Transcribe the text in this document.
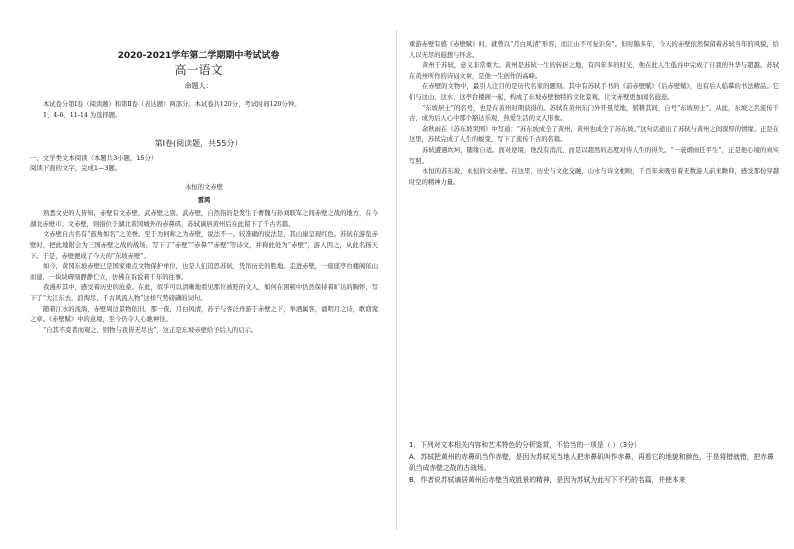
2020-2021学年第二学期期中考试试卷
高一语文
命题人：

本试卷分第Ⅰ卷（阅读题）和第Ⅱ卷（表达题）两部分。本试卷共120分，考试时间120分钟。

1、4-6、11-14 为选择题。

第Ⅰ卷(阅读题，共55分）
一、文学类文本阅读（本题共3小题，15分）
阅读下面的文字，完成1—3题。
永恒的文赤壁
雷鸿

熟悉文史的人皆知，赤壁有文赤壁、武赤壁之别。武赤壁，自然指的是发生于曹魏与孙刘联军之间赤壁之战的地方，在今湖北赤壁市；文赤壁，则指位于湖北黄冈城外的赤鼻矶，苏轼谪居黄州后在此留下了千古名篇。

文赤壁自古名有“鼓角如名”之美誉。至于为何称之为赤壁，说法不一。较准确的说法是，其山崖呈现红色。苏轼在游览赤壁时，把此地附会为三国赤壁之战的战场，写下了“赤壁”“赤鼻”“赤壁”等诗文，并称此处为“赤壁”，游人因之，从此名扬天下。于是，赤壁便成了今天的“东坡赤壁”。

如今，黄冈东坡赤壁已是国家重点文物保护单位，也是人们追思苏轼、凭吊历史的胜地。走进赤壁，一座座亭台楼阁依山而建，一块块碑刻静静伫立，仿佛在诉说着千年的往事。

我漫步其中，感受着历史的沧桑。在此，似乎可以清晰地看见那位被贬的文人，如何在困顿中仍然保持着旷达的胸怀，写下了“大江东去，浪淘尽，千古风流人物”这样气势磅礴的词句。

随着江水的流淌，赤壁周边景物依旧。那一夜，月白风清，苏子与客泛舟游于赤壁之下，举酒属客，诵明月之诗，歌窈窕之章。《赤壁赋》中的意境，至今仍令人心驰神往。

“自其不变者而观之，则物与我皆无尽也”，这正是东坡赤壁给予后人的启示。

重游赤壁有感《赤壁赋》时，就曾以“月白风清”形容，而江山不可复识矣”。但时隔多年，今天的赤壁依然保留着苏轼当年的风貌，给人以无尽的遐想与怀念。

黄州于苏轼，意义非常重大。黄州是苏轼一生的转折之地，有四年多的时光，他在此人生低谷中完成了自我的升华与超越。苏轼在黄州所作的诗词文章，是他一生创作的高峰。

在赤壁的文物中，最引人注目的是历代名家的题刻。其中有苏轼手书的《前赤壁赋》《后赤壁赋》，也有后人临摹的书法精品。它们与这山、这水、这亭台楼阁一起，构成了东坡赤壁独特的文化景观，让文赤壁更加闻名遐迩。

“东坡居士”的名号，也是在黄州时期获得的。苏轼在黄州东门外开垦荒地，躬耕其间，自号“东坡居士”。从此，东坡之名流传千古，成为后人心中那个豁达乐观、热爱生活的文人形象。

余秋雨在《苏东坡突围》中写道：“苏东坡成全了黄州，黄州也成全了苏东坡。”这句话道出了苏轼与黄州之间深厚的情缘。正是在这里，苏轼完成了人生的蜕变，写下了流传千古的名篇。

苏轼遭遇坎坷，随缘自适。面对逆境，他没有消沉，而是以超然的态度对待人生的得失。“一蓑烟雨任平生”，正是他心境的真实写照。

永恒的苏东坡，永恒的文赤壁。在这里，历史与文化交融，山水与诗文相映，千百年来吸引着无数游人前来瞻仰，感受那份穿越时空的精神力量。

1．下列对文本相关内容和艺术特色的分析鉴赏，不恰当的一项是（ ）（3分）
A．苏轼把黄州的赤鼻矶当作赤壁，是因为苏轼见当地人把赤鼻矶叫作赤鼻，再看它的地貌和颜色，于是将错就错，把赤鼻矶当成赤壁之战的古战场。
B．作者说苏轼谪居黄州后赤壁当成胜景的精神，是因为苏轼为此写下不朽的名篇，并使本来
